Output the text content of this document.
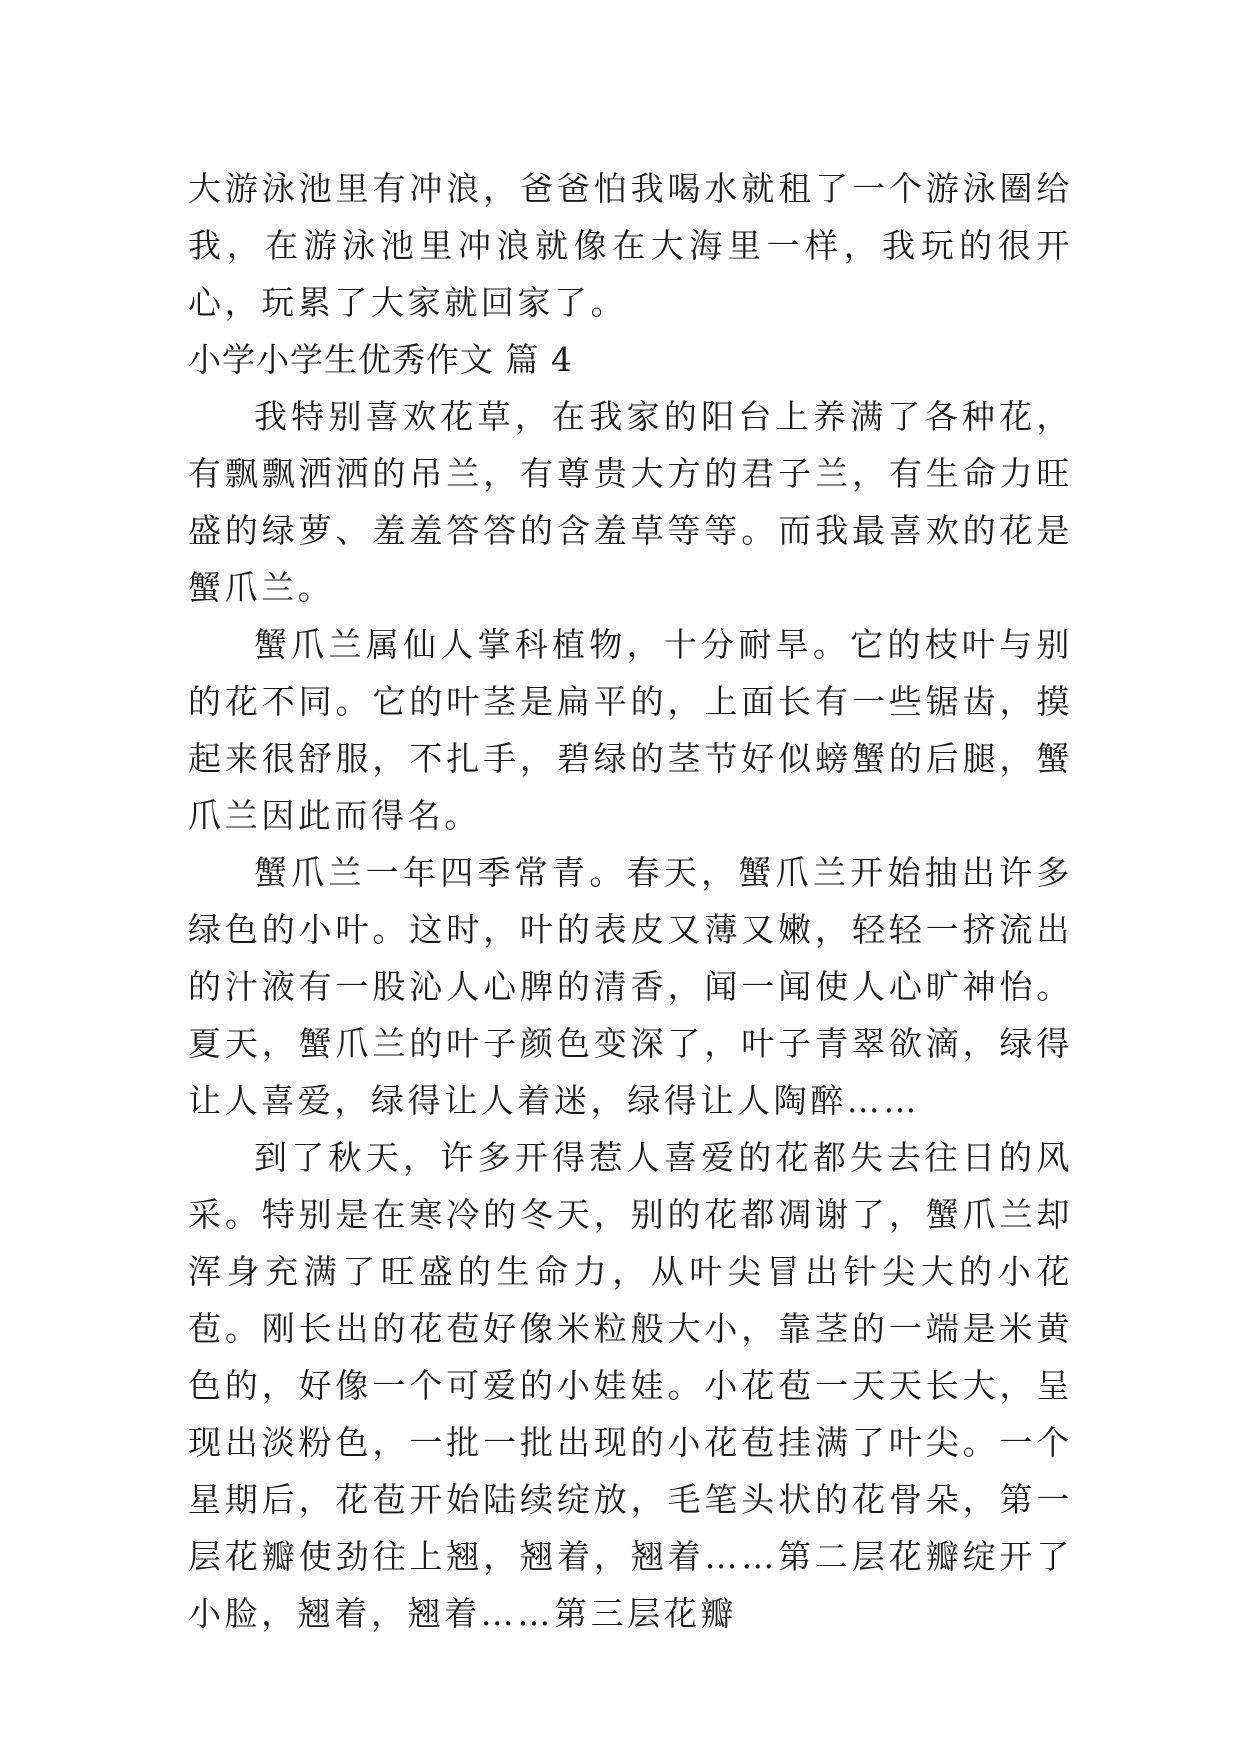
大游泳池里有冲浪，爸爸怕我喝水就租了一个游泳圈给我，在游泳池里冲浪就像在大海里一样，我玩的很开心，玩累了大家就回家了。

小学小学生优秀作文 篇 4

我特别喜欢花草，在我家的阳台上养满了各种花，有飘飘洒洒的吊兰，有尊贵大方的君子兰，有生命力旺盛的绿萝、羞羞答答的含羞草等等。而我最喜欢的花是蟹爪兰。

蟹爪兰属仙人掌科植物，十分耐旱。它的枝叶与别的花不同。它的叶茎是扁平的，上面长有一些锯齿，摸起来很舒服，不扎手，碧绿的茎节好似螃蟹的后腿，蟹爪兰因此而得名。

蟹爪兰一年四季常青。春天，蟹爪兰开始抽出许多绿色的小叶。这时，叶的表皮又薄又嫩，轻轻一挤流出的汁液有一股沁人心脾的清香，闻一闻使人心旷神怡。夏天，蟹爪兰的叶子颜色变深了，叶子青翠欲滴，绿得让人喜爱，绿得让人着迷，绿得让人陶醉……

到了秋天，许多开得惹人喜爱的花都失去往日的风采。特别是在寒冷的冬天，别的花都凋谢了，蟹爪兰却浑身充满了旺盛的生命力，从叶尖冒出针尖大的小花苞。刚长出的花苞好像米粒般大小，靠茎的一端是米黄色的，好像一个可爱的小娃娃。小花苞一天天长大，呈现出淡粉色，一批一批出现的小花苞挂满了叶尖。一个星期后，花苞开始陆续绽放，毛笔头状的花骨朵，第一层花瓣使劲往上翘，翘着，翘着……第二层花瓣绽开了小脸，翘着，翘着……第三层花瓣
